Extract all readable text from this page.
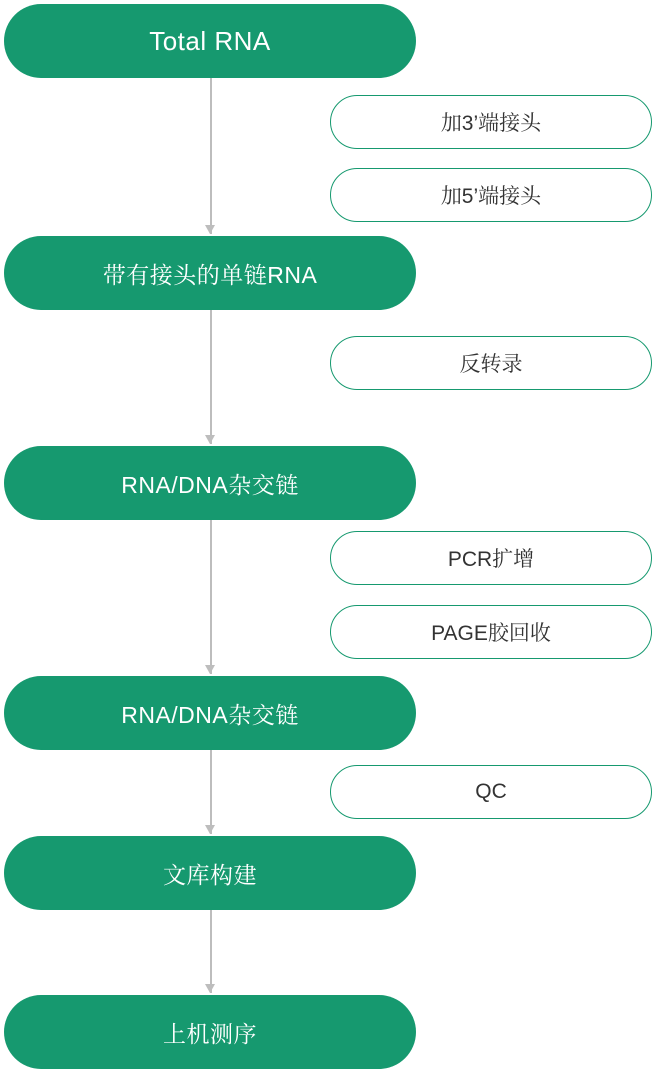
Total RNA
带有接头的单链RNA
RNA/DNA杂交链
RNA/DNA杂交链
文库构建
上机测序
加3’端接头
加5’端接头
反转录
PCR扩增
PAGE胶回收
QC
